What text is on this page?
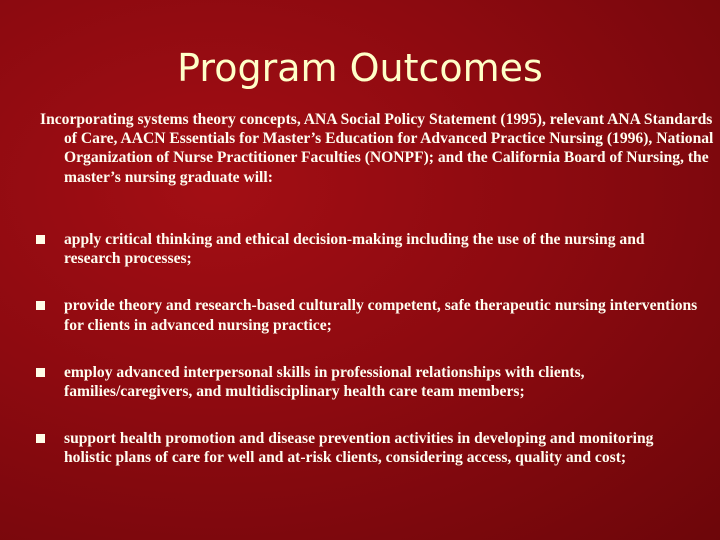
Program Outcomes
Incorporating systems theory concepts, ANA Social Policy Statement (1995), relevant ANA Standards of Care, AACN Essentials for Master’s Education for Advanced Practice Nursing (1996), National Organization of Nurse Practitioner Faculties (NONPF); and the California Board of Nursing, the master’s nursing graduate will:
apply critical thinking and ethical decision-making including the use of the nursing and research processes;
provide theory and research-based culturally competent, safe therapeutic nursing interventions for clients in advanced nursing practice;
employ advanced interpersonal skills in professional relationships with clients, families/caregivers, and multidisciplinary health care team members;
support health promotion and disease prevention activities in developing and monitoring holistic plans of care for well and at-risk clients, considering access, quality and cost;
